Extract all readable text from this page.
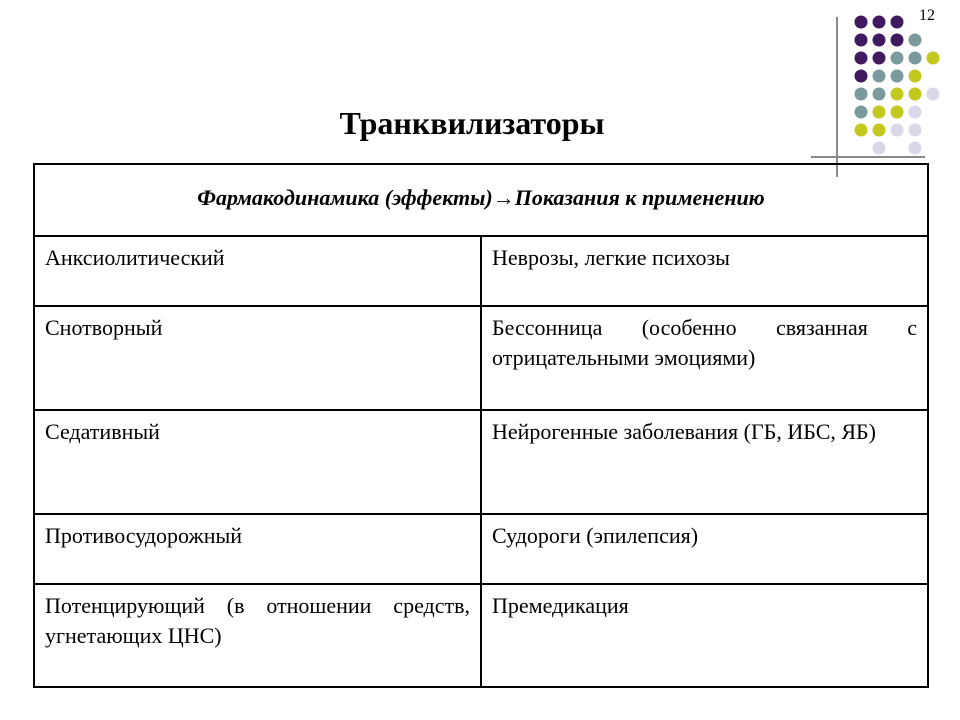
12
Транквилизаторы
Фармакодинамика (эффекты)→Показания к применению	
Анксиолитический	Неврозы, легкие психозы
Снотворный	Бессонница (особенно связанная с отрицательными эмоциями)
Седативный	Нейрогенные заболевания (ГБ, ИБС, ЯБ)
Противосудорожный	Судороги (эпилепсия)
Потенцирующий (в отношении средств, угнетающих ЦНС)	Премедикация
